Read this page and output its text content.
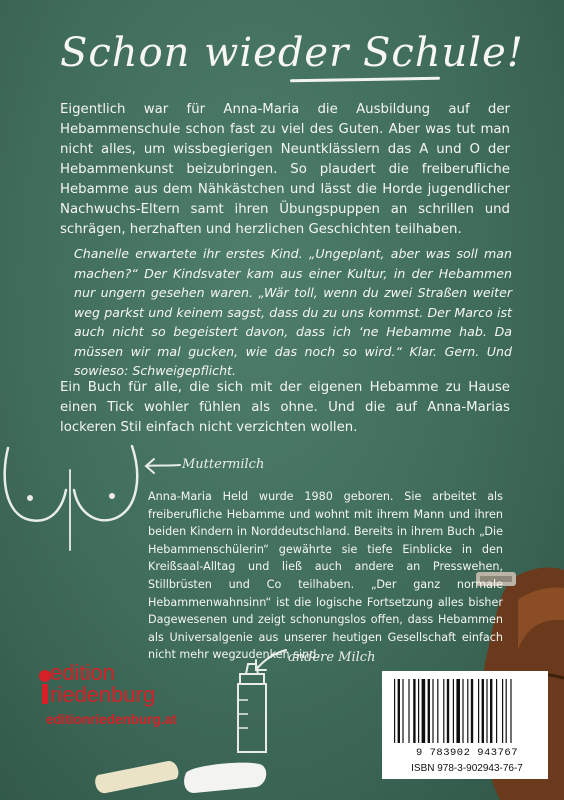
Schon wieder Schule!
Eigentlich war für Anna-Maria die Ausbildung auf der Hebammenschule schon fast zu viel des Guten. Aber was tut man nicht alles, um wissbegierigen Neuntklässlern das A und O der Hebammenkunst beizubringen. So plaudert die freiberufliche Hebamme aus dem Nähkästchen und lässt die Horde jugendlicher Nachwuchs-Eltern samt ihren Übungspuppen an schrillen und schrägen, herzhaften und herzlichen Geschichten teilhaben.
Chanelle erwartete ihr erstes Kind. „Ungeplant, aber was soll man machen?“ Der Kindsvater kam aus einer Kultur, in der Hebammen nur ungern gesehen waren. „Wär toll, wenn du zwei Straßen weiter weg parkst und keinem sagst, dass du zu uns kommst. Der Marco ist auch nicht so begeistert davon, dass ich ‘ne Hebamme hab. Da müssen wir mal gucken, wie das noch so wird.“ Klar. Gern. Und sowieso: Schweigepflicht.
Ein Buch für alle, die sich mit der eigenen Hebamme zu Hause einen Tick wohler fühlen als ohne. Und die auf Anna-Marias lockeren Stil einfach nicht verzichten wollen.
Muttermilch
andere Milch
Anna-Maria Held wurde 1980 geboren. Sie arbeitet als freiberufliche Hebamme und wohnt mit ihrem Mann und ihren beiden Kindern in Norddeutschland. Bereits in ihrem Buch „Die Hebammenschülerin“ gewährte sie tiefe Einblicke in den Kreißsaal-Alltag und ließ auch andere an Presswehen, Stillbrüsten und Co teilhaben. „Der ganz normale Hebammenwahnsinn“ ist die logische Fortsetzung alles bisher Dagewesenen und zeigt schonungslos offen, dass Hebammen als Universalgenie aus unserer heutigen Gesellschaft einfach nicht mehr wegzudenken sind.
edition
riedenburg
editionriedenburg.at
9 783902 943767
ISBN 978-3-902943-76-7
